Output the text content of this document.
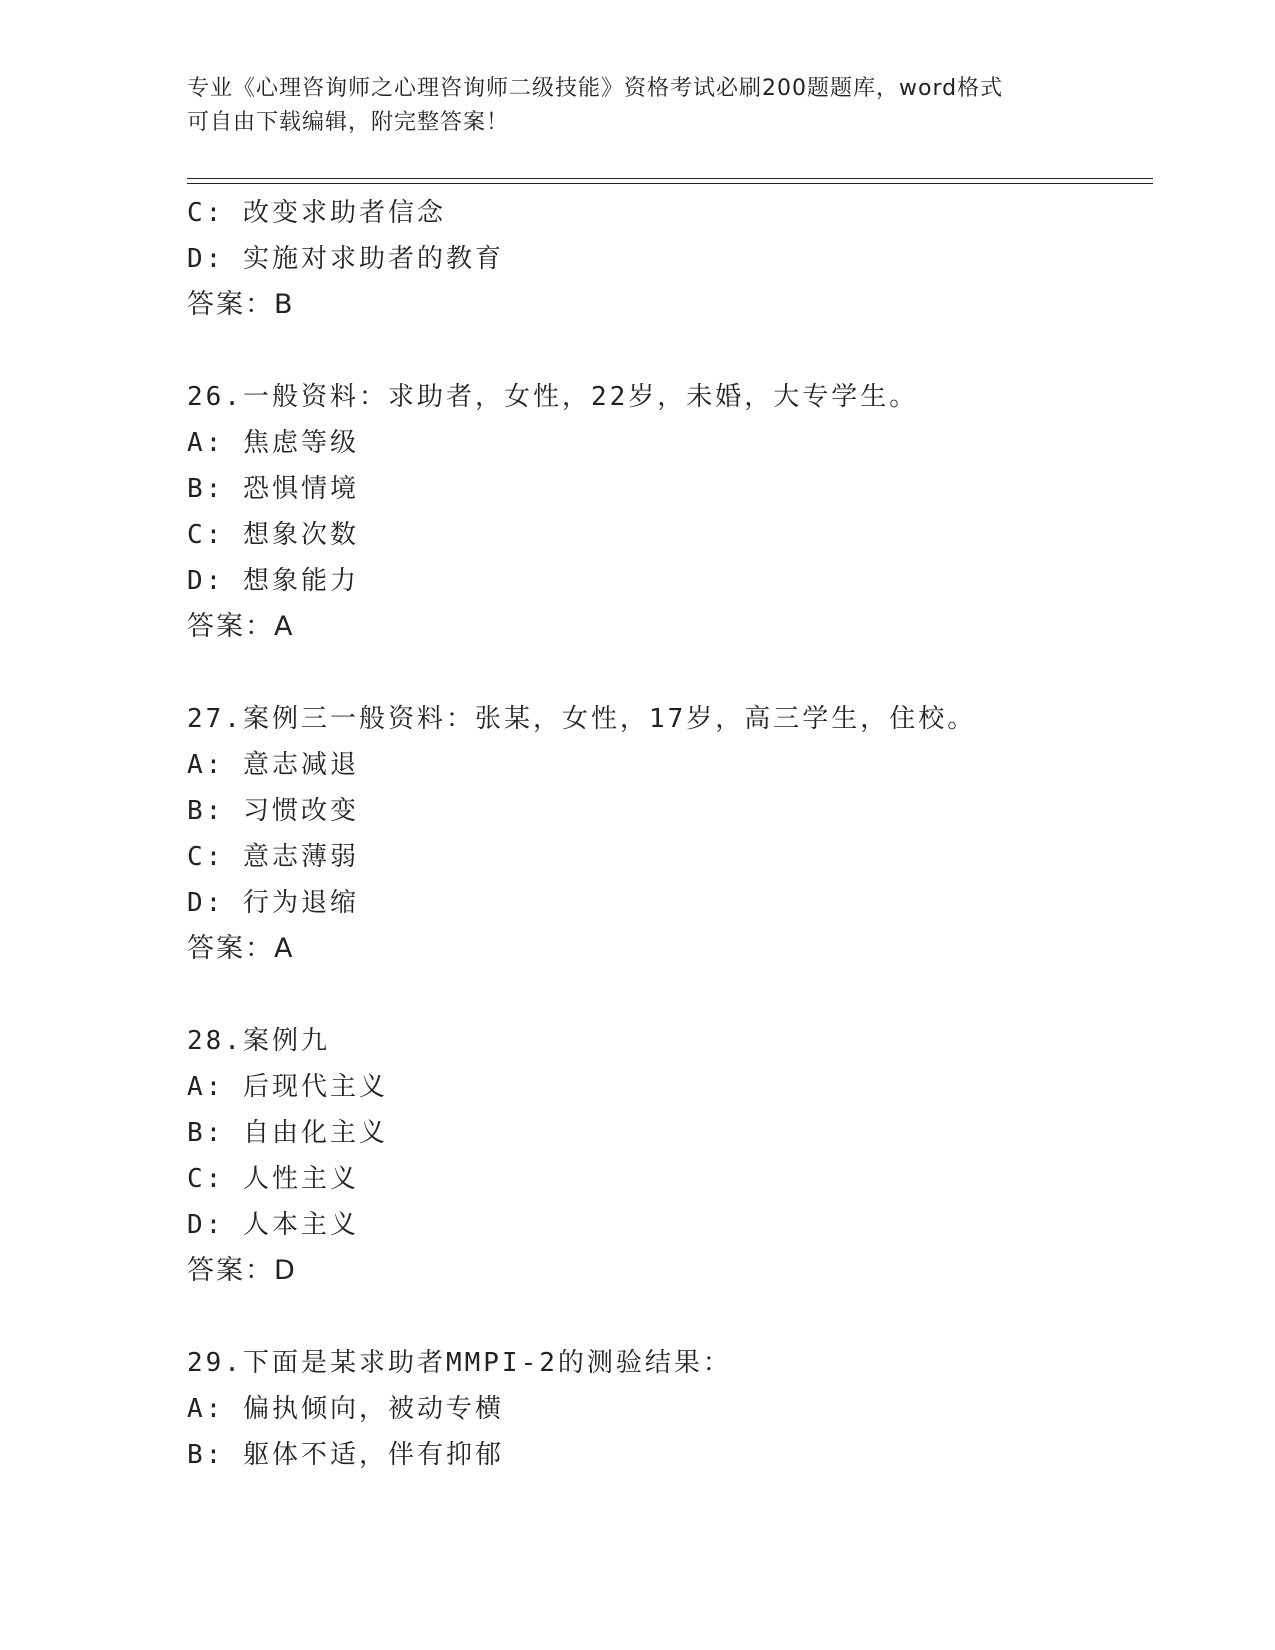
专业《心理咨询师之心理咨询师二级技能》资格考试必刷200题题库，word格式
可自由下载编辑，附完整答案！
C: 改变求助者信念
D: 实施对求助者的教育
答案：B
26.一般资料：求助者，女性，22岁，未婚，大专学生。
A: 焦虑等级
B: 恐惧情境
C: 想象次数
D: 想象能力
答案：A
27.案例三一般资料：张某，女性，17岁，高三学生，住校。
A: 意志减退
B: 习惯改变
C: 意志薄弱
D: 行为退缩
答案：A
28.案例九
A: 后现代主义
B: 自由化主义
C: 人性主义
D: 人本主义
答案：D
29.下面是某求助者MMPI-2的测验结果：
A: 偏执倾向，被动专横
B: 躯体不适，伴有抑郁
